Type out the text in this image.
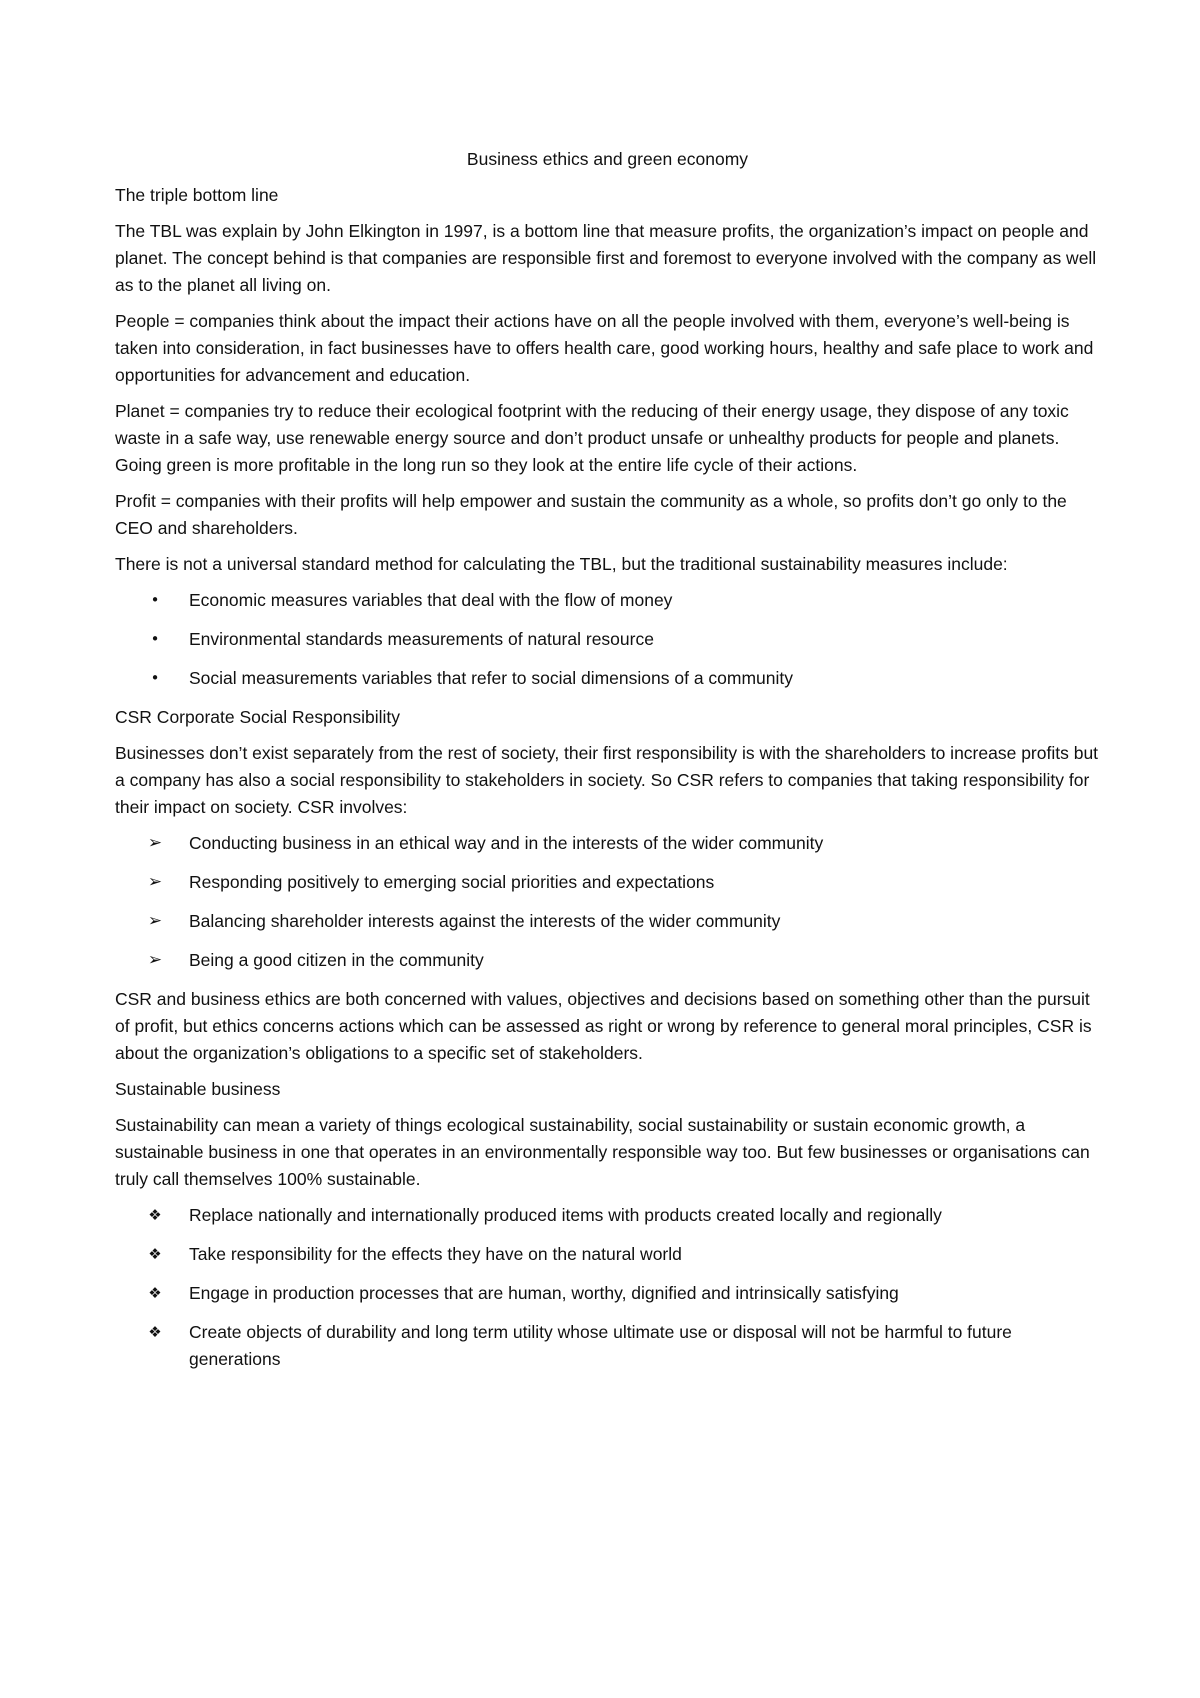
Business ethics and green economy
The triple bottom line

The TBL was explain by John Elkington in 1997, is a bottom line that measure profits, the organization’s impact on people and planet. The concept behind is that companies are responsible first and foremost to everyone involved with the company as well as to the planet all living on.

People = companies think about the impact their actions have on all the people involved with them, everyone’s well-being is taken into consideration, in fact businesses have to offers health care, good working hours, healthy and safe place to work and opportunities for advancement and education.

Planet = companies try to reduce their ecological footprint with the reducing of their energy usage, they dispose of any toxic waste in a safe way, use renewable energy source and don’t product unsafe or unhealthy products for people and planets. Going green is more profitable in the long run so they look at the entire life cycle of their actions.

Profit = companies with their profits will help empower and sustain the community as a whole, so profits don’t go only to the CEO and shareholders.

There is not a universal standard method for calculating the TBL, but the traditional sustainability measures include:

•	Economic measures variables that deal with the flow of money
•	Environmental standards measurements of natural resource
•	Social measurements variables that refer to social dimensions of a community
CSR Corporate Social Responsibility

Businesses don’t exist separately from the rest of society, their first responsibility is with the shareholders to increase profits but a company has also a social responsibility to stakeholders in society. So CSR refers to companies that taking responsibility for their impact on society. CSR involves:

➢ Conducting business in an ethical way and in the interests of the wider community
➢ Responding positively to emerging social priorities and expectations
➢ Balancing shareholder interests against the interests of the wider community
➢ Being a good citizen in the community

CSR and business ethics are both concerned with values, objectives and decisions based on something other than the pursuit of profit, but ethics concerns actions which can be assessed as right or wrong by reference to general moral principles, CSR is about the organization’s obligations to a specific set of stakeholders.

Sustainable business

Sustainability can mean a variety of things ecological sustainability, social sustainability or sustain economic growth, a sustainable business in one that operates in an environmentally responsible way too. But few businesses or organisations can truly call themselves 100% sustainable.

❖	Replace nationally and internationally produced items with products created locally and regionally
❖	Take responsibility for the effects they have on the natural world
❖	Engage in production processes that are human, worthy, dignified and intrinsically satisfying
❖	Create objects of durability and long term utility whose ultimate use or disposal will not be harmful to future generations
